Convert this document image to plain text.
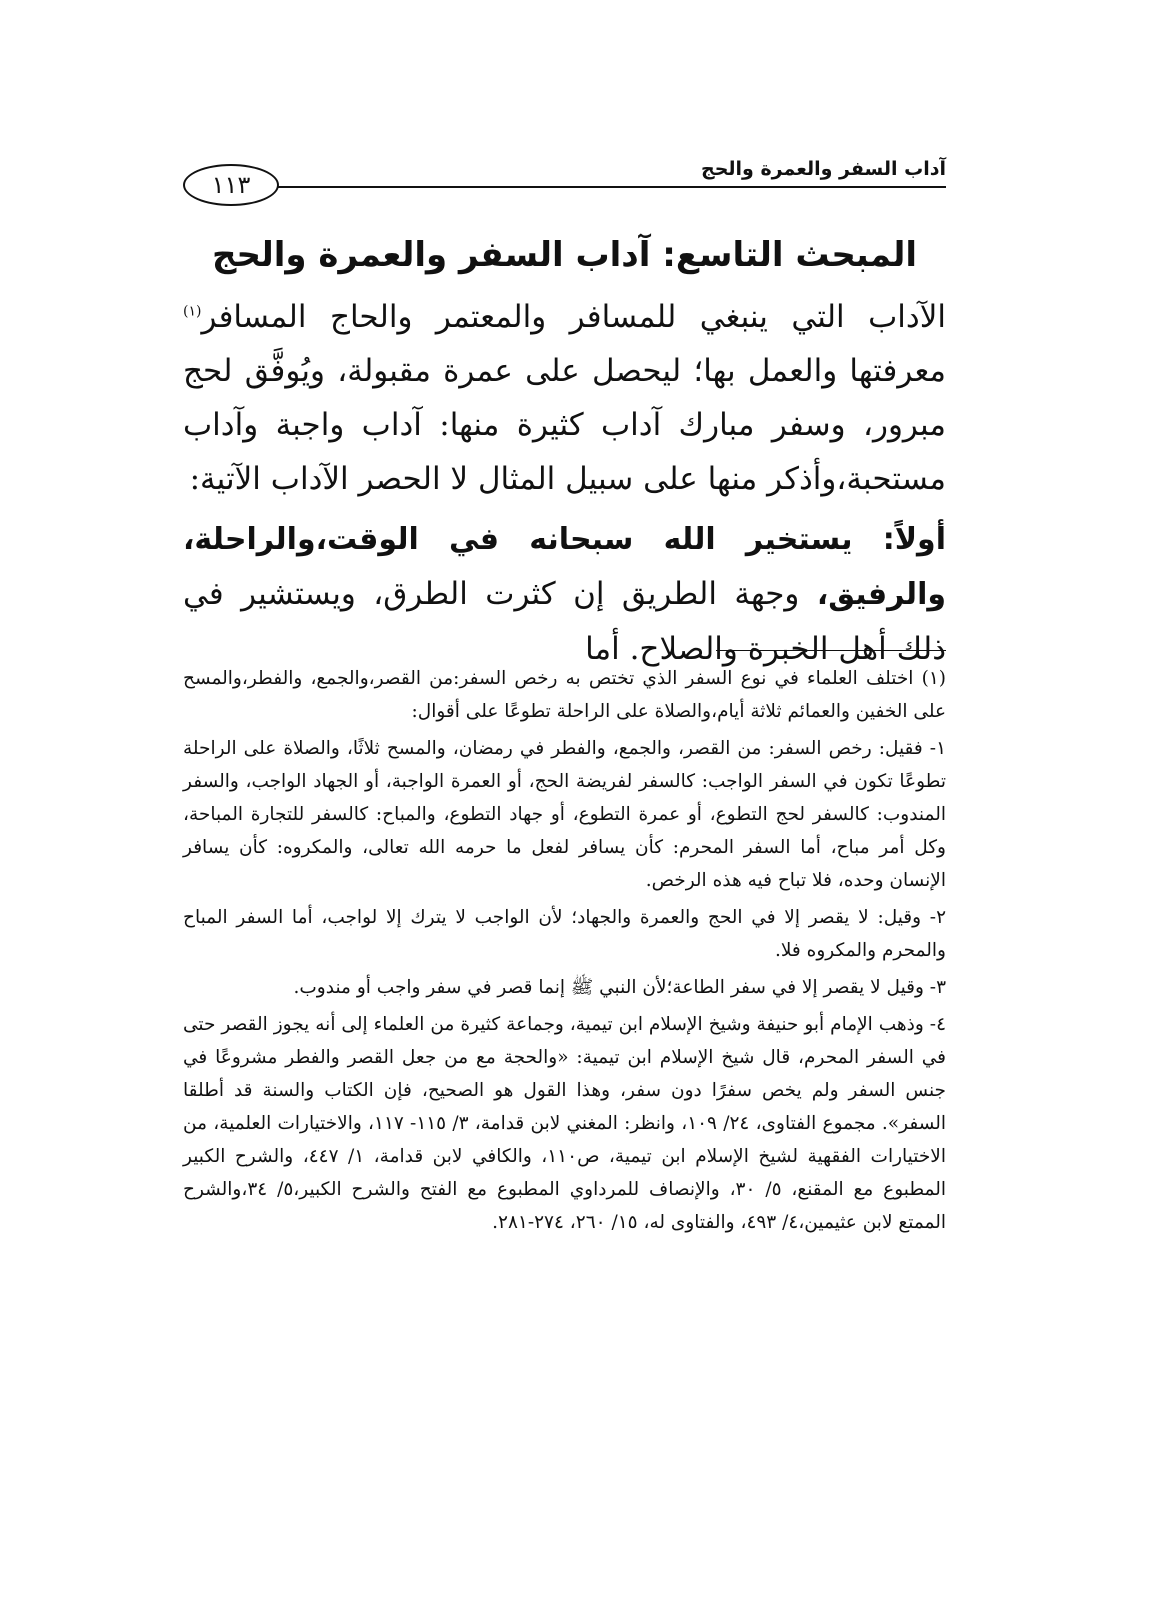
آداب السفر والعمرة والحج
١١٣
المبحث التاسع: آداب السفر والعمرة والحج

الآداب التي ينبغي للمسافر والمعتمر والحاج المسافر$^{(١)}$ معرفتها والعمل بها؛ ليحصل على عمرة مقبولة، ويُوفَّق لحج مبرور، وسفر مبارك آداب كثيرة منها: آداب واجبة وآداب مستحبة،وأذكر منها على سبيل المثال لا الحصر الآداب الآتية:

أولاً: يستخير الله سبحانه في الوقت،والراحلة، والرفيق، وجهة الطريق إن كثرت الطرق، ويستشير في ذلك أهل الخبرة والصلاح. أما

(١) اختلف العلماء في نوع السفر الذي تختص به رخص السفر:من القصر،والجمع، والفطر،والمسح على الخفين والعمائم ثلاثة أيام،والصلاة على الراحلة تطوعًا على أقوال:

١- فقيل: رخص السفر: من القصر، والجمع، والفطر في رمضان، والمسح ثلاثًا، والصلاة على الراحلة تطوعًا تكون في السفر الواجب: كالسفر لفريضة الحج، أو العمرة الواجبة، أو الجهاد الواجب، والسفر المندوب: كالسفر لحج التطوع، أو عمرة التطوع، أو جهاد التطوع، والمباح: كالسفر للتجارة المباحة، وكل أمر مباح، أما السفر المحرم: كأن يسافر لفعل ما حرمه الله تعالى، والمكروه: كأن يسافر الإنسان وحده، فلا تباح فيه هذه الرخص.

٢- وقيل: لا يقصر إلا في الحج والعمرة والجهاد؛ لأن الواجب لا يترك إلا لواجب، أما السفر المباح والمحرم والمكروه فلا.

٣- وقيل لا يقصر إلا في سفر الطاعة؛لأن النبي ﷺ إنما قصر في سفر واجب أو مندوب.

٤- وذهب الإمام أبو حنيفة وشيخ الإسلام ابن تيمية، وجماعة كثيرة من العلماء إلى أنه يجوز القصر حتى في السفر المحرم، قال شيخ الإسلام ابن تيمية: «والحجة مع من جعل القصر والفطر مشروعًا في جنس السفر ولم يخص سفرًا دون سفر، وهذا القول هو الصحيح، فإن الكتاب والسنة قد أطلقا السفر». مجموع الفتاوى، ٢٤/ ١٠٩، وانظر: المغني لابن قدامة، ٣/ ١١٥- ١١٧، والاختيارات العلمية، من الاختيارات الفقهية لشيخ الإسلام ابن تيمية، ص١١٠، والكافي لابن قدامة، ١/ ٤٤٧، والشرح الكبير المطبوع مع المقنع، ٥/ ٣٠، والإنصاف للمرداوي المطبوع مع الفتح والشرح الكبير،٥/ ٣٤،والشرح الممتع لابن عثيمين،٤/ ٤٩٣، والفتاوى له، ١٥/ ٢٦٠، ٢٧٤-٢٨١.
